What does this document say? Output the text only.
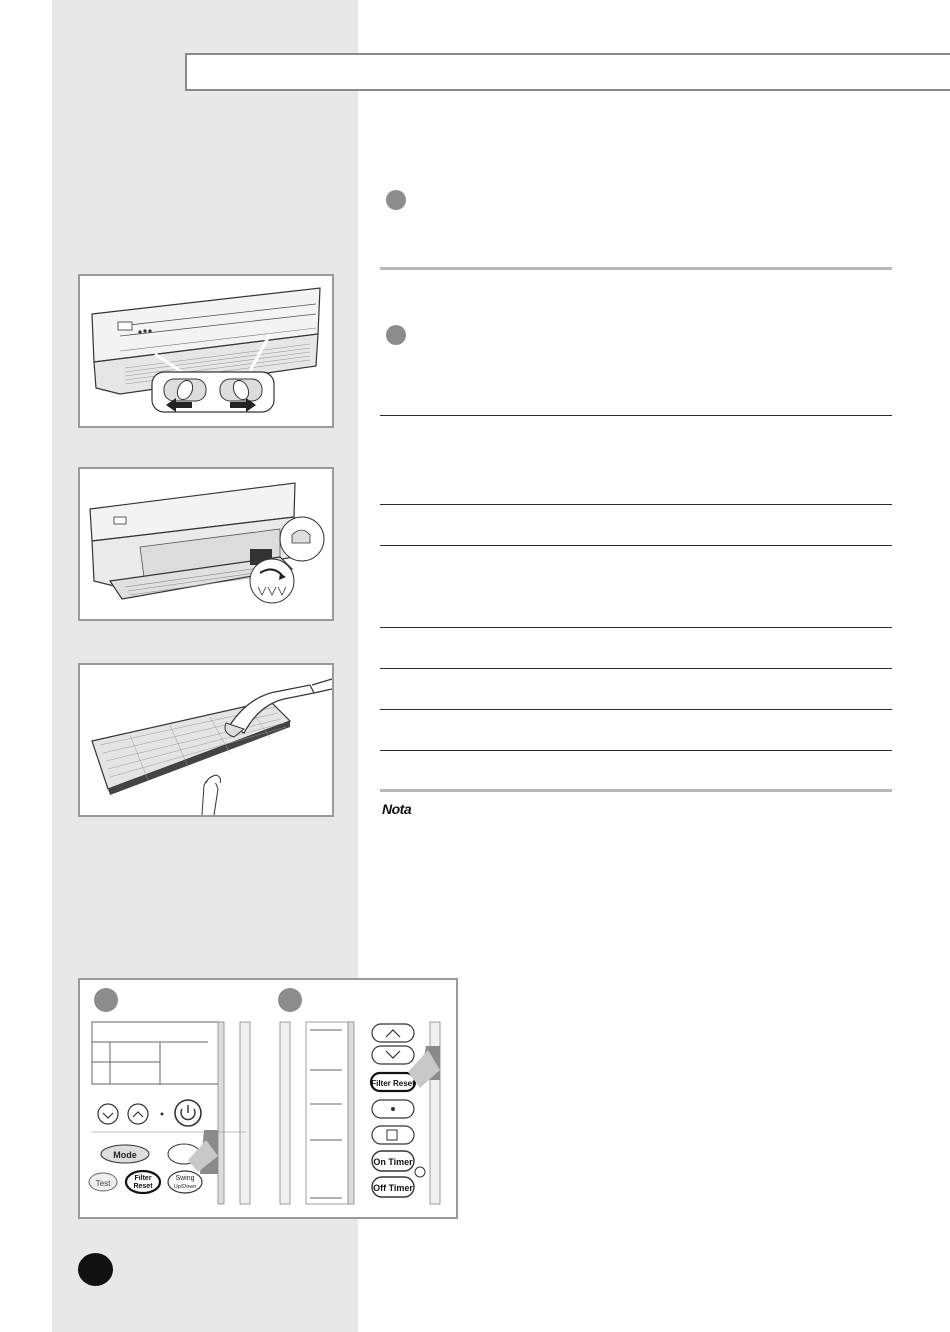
Nota
Mode
Test
Filter
Reset
Swing
Up/Down
Filter Reset
On Timer
Off Timer
